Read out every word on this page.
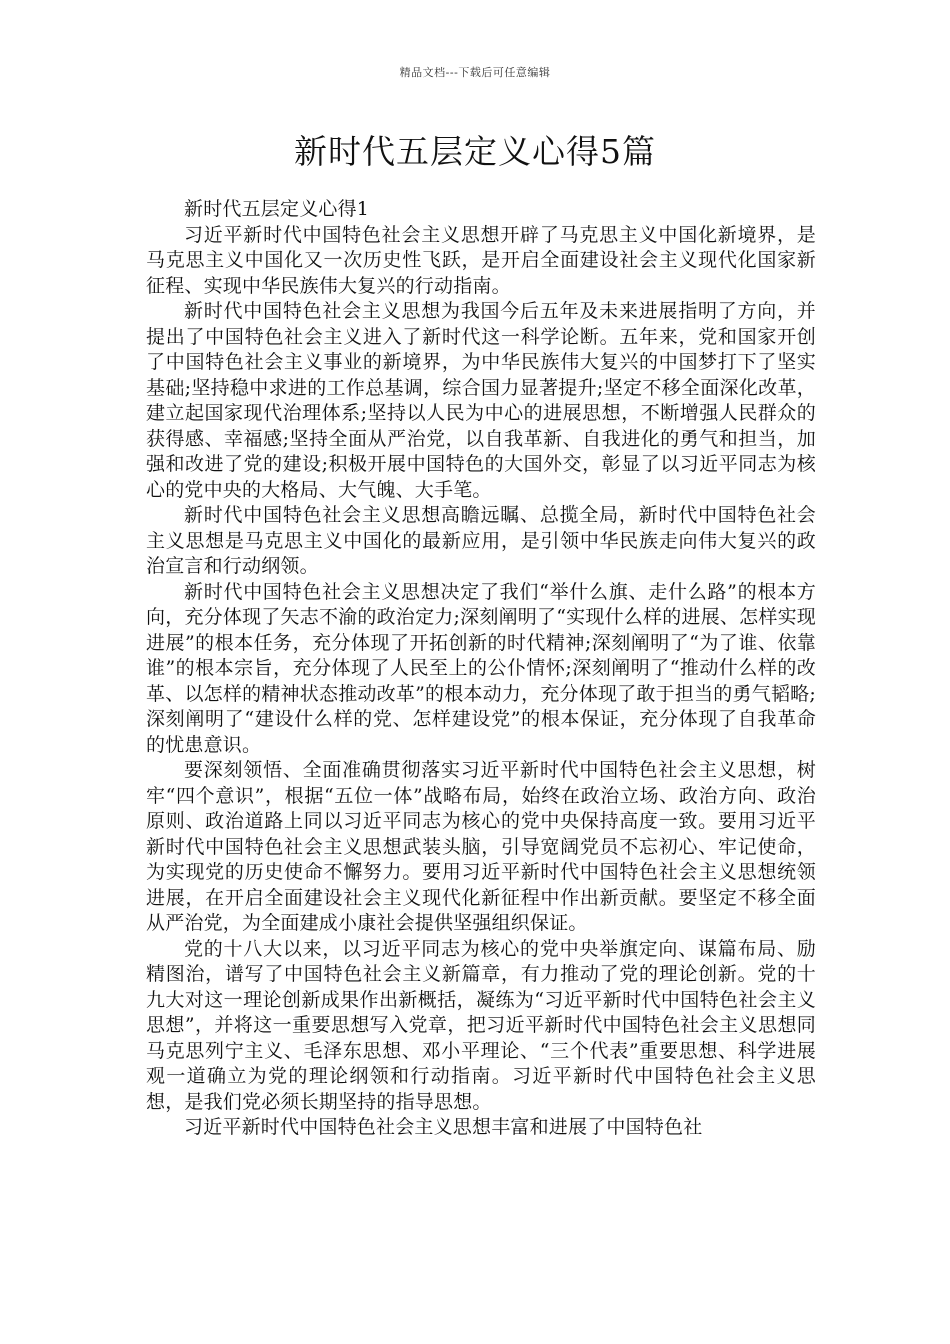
精品文档---下载后可任意编辑
新时代五层定义心得5篇
新时代五层定义心得1

习近平新时代中国特色社会主义思想开辟了马克思主义中国化新境界，是马克思主义中国化又一次历史性飞跃，是开启全面建设社会主义现代化国家新征程、实现中华民族伟大复兴的行动指南。

新时代中国特色社会主义思想为我国今后五年及未来进展指明了方向，并提出了中国特色社会主义进入了新时代这一科学论断。五年来，党和国家开创了中国特色社会主义事业的新境界，为中华民族伟大复兴的中国梦打下了坚实基础;坚持稳中求进的工作总基调，综合国力显著提升;坚定不移全面深化改革，建立起国家现代治理体系;坚持以人民为中心的进展思想，不断增强人民群众的获得感、幸福感;坚持全面从严治党，以自我革新、自我进化的勇气和担当，加强和改进了党的建设;积极开展中国特色的大国外交，彰显了以习近平同志为核心的党中央的大格局、大气魄、大手笔。

新时代中国特色社会主义思想高瞻远瞩、总揽全局，新时代中国特色社会主义思想是马克思主义中国化的最新应用，是引领中华民族走向伟大复兴的政治宣言和行动纲领。

新时代中国特色社会主义思想决定了我们“举什么旗、走什么路”的根本方向，充分体现了矢志不渝的政治定力;深刻阐明了“实现什么样的进展、怎样实现进展”的根本任务，充分体现了开拓创新的时代精神;深刻阐明了“为了谁、依靠谁”的根本宗旨，充分体现了人民至上的公仆情怀;深刻阐明了“推动什么样的改革、以怎样的精神状态推动改革”的根本动力，充分体现了敢于担当的勇气韬略;深刻阐明了“建设什么样的党、怎样建设党”的根本保证，充分体现了自我革命的忧患意识。

要深刻领悟、全面准确贯彻落实习近平新时代中国特色社会主义思想，树牢“四个意识”，根据“五位一体”战略布局，始终在政治立场、政治方向、政治原则、政治道路上同以习近平同志为核心的党中央保持高度一致。要用习近平新时代中国特色社会主义思想武装头脑，引导宽阔党员不忘初心、牢记使命，为实现党的历史使命不懈努力。要用习近平新时代中国特色社会主义思想统领进展，在开启全面建设社会主义现代化新征程中作出新贡献。要坚定不移全面从严治党，为全面建成小康社会提供坚强组织保证。

党的十八大以来，以习近平同志为核心的党中央举旗定向、谋篇布局、励精图治，谱写了中国特色社会主义新篇章，有力推动了党的理论创新。党的十九大对这一理论创新成果作出新概括，凝练为“习近平新时代中国特色社会主义思想”，并将这一重要思想写入党章，把习近平新时代中国特色社会主义思想同马克思列宁主义、毛泽东思想、邓小平理论、“三个代表”重要思想、科学进展观一道确立为党的理论纲领和行动指南。习近平新时代中国特色社会主义思想，是我们党必须长期坚持的指导思想。

习近平新时代中国特色社会主义思想丰富和进展了中国特色社
